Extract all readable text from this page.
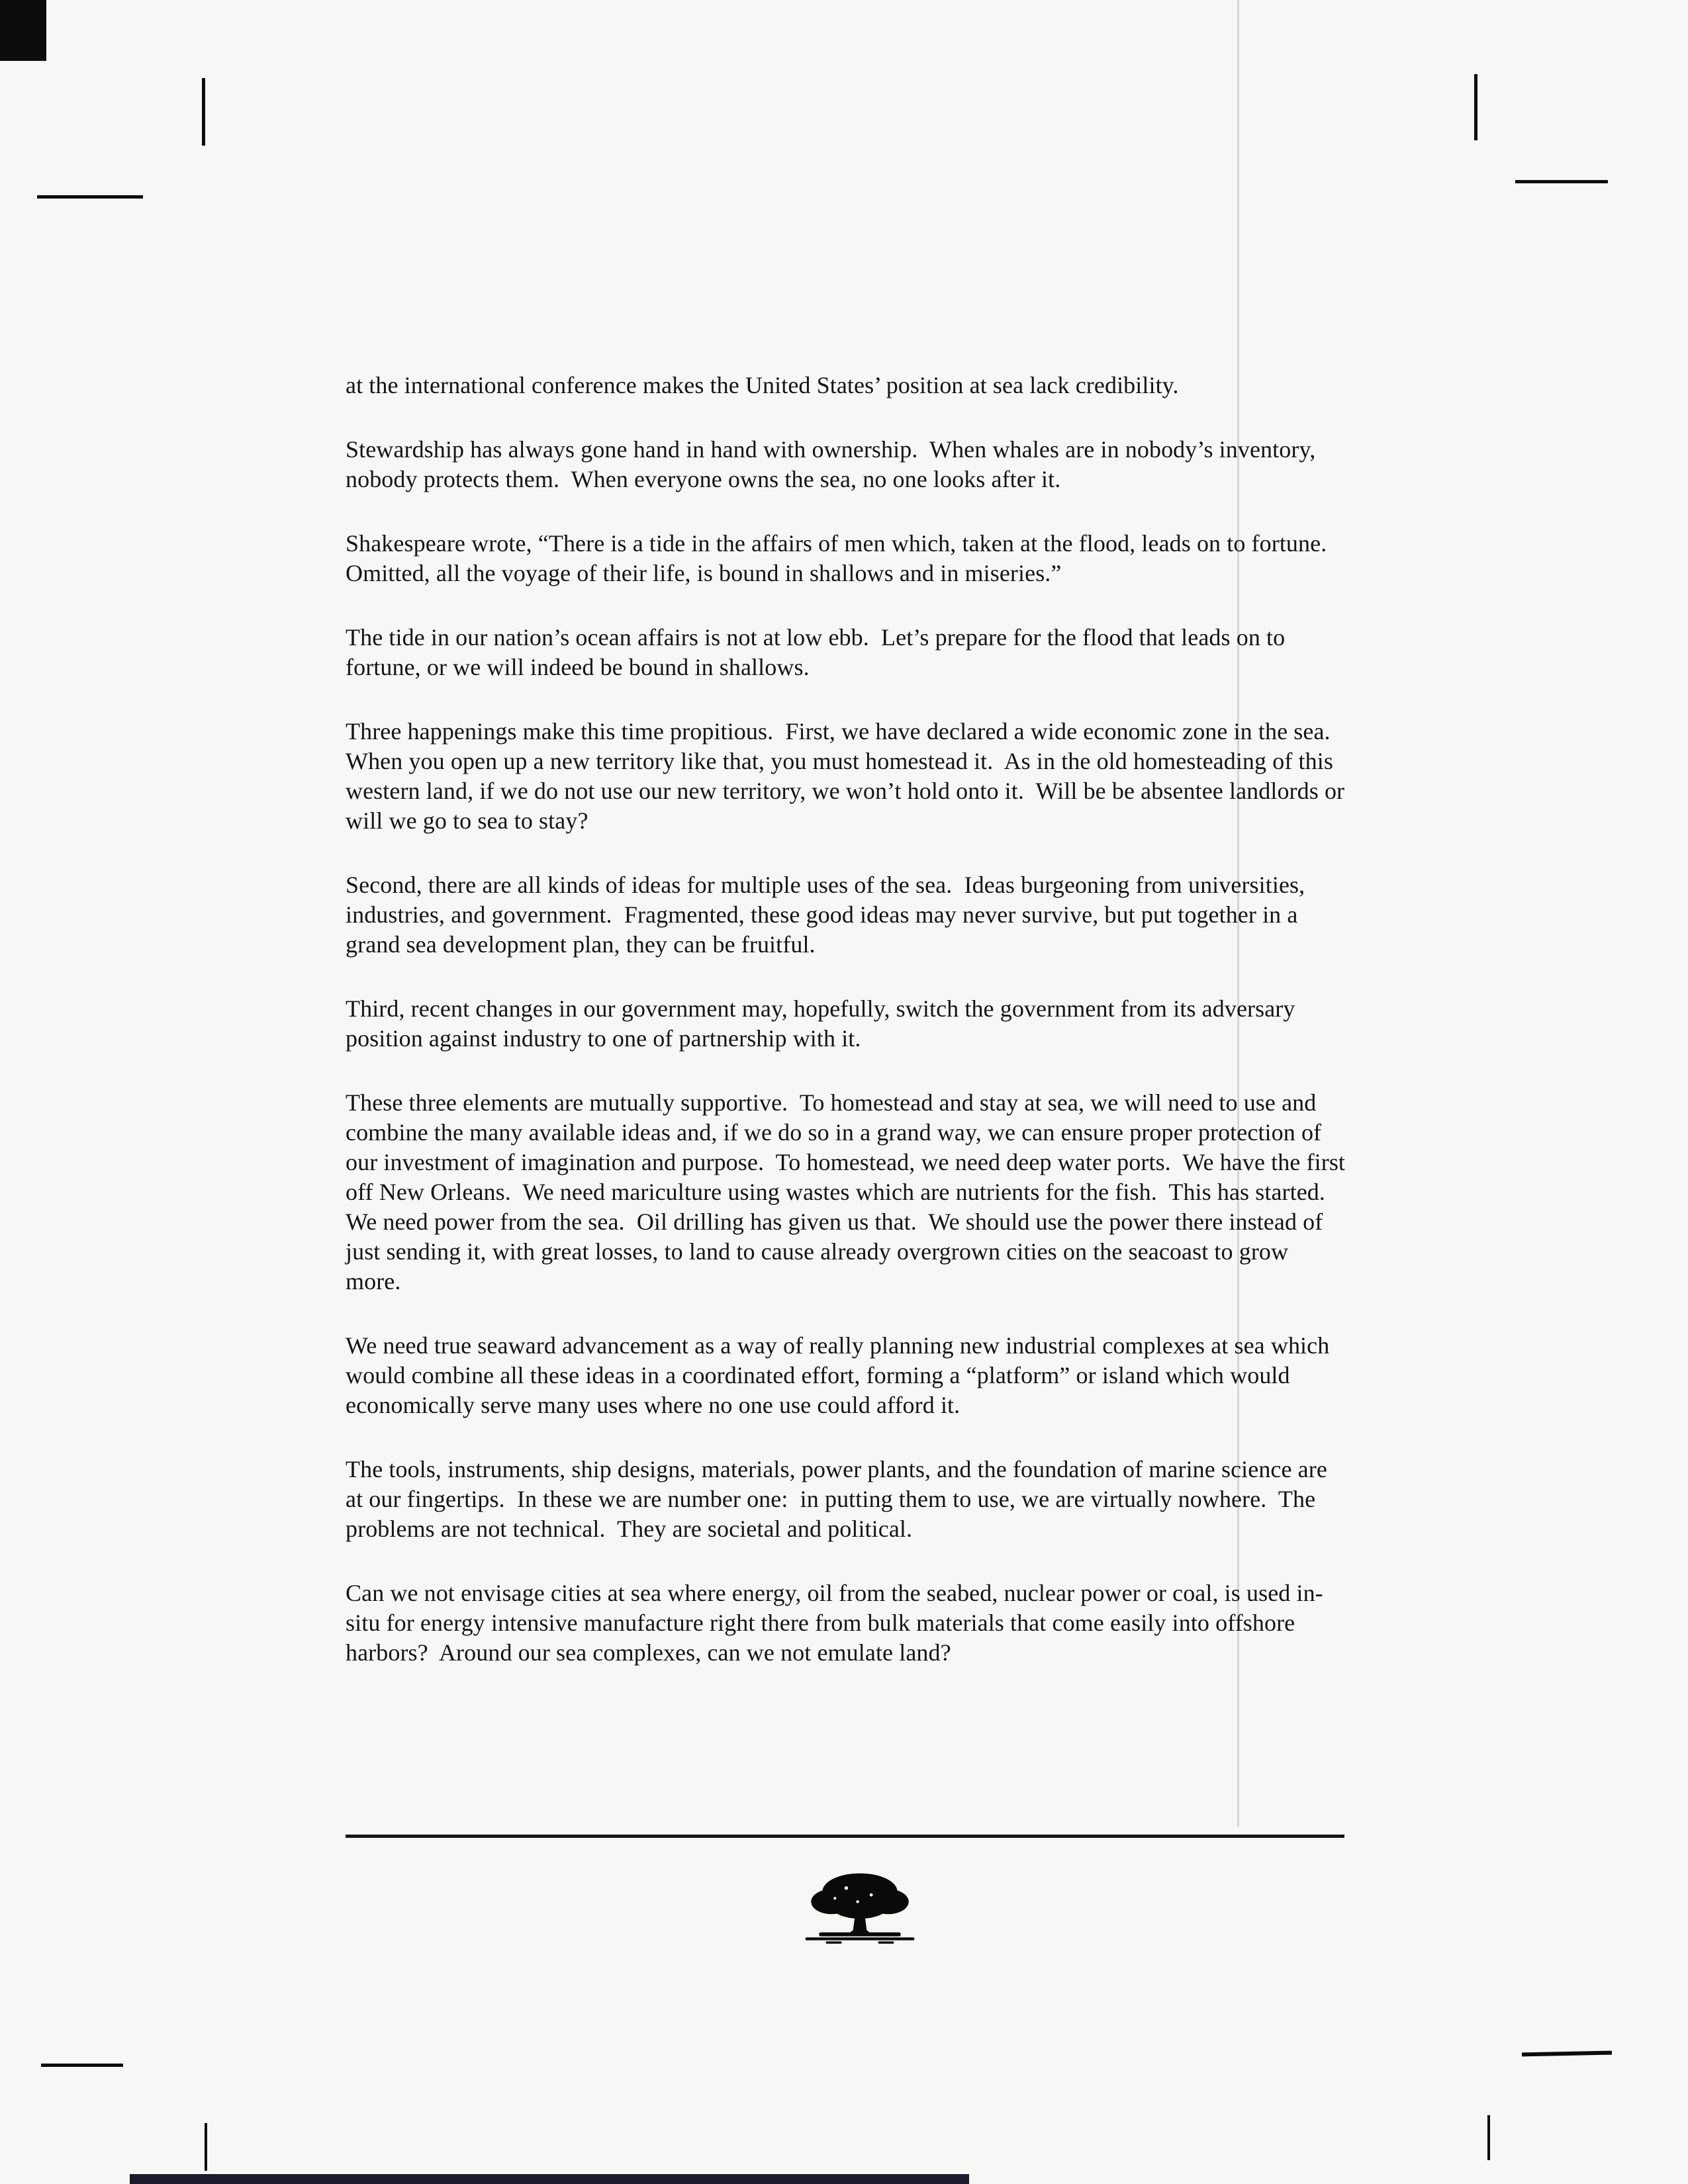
at the international conference makes the United States’ position at sea lack credibility.

Stewardship has always gone hand in hand with ownership.  When whales are in nobody’s inventory, nobody protects them.  When everyone owns the sea, no one looks after it.

Shakespeare wrote, “There is a tide in the affairs of men which, taken at the flood, leads on to fortune.  Omitted, all the voyage of their life, is bound in shallows and in miseries.”

The tide in our nation’s ocean affairs is not at low ebb.  Let’s prepare for the flood that leads on to fortune, or we will indeed be bound in shallows.

Three happenings make this time propitious.  First, we have declared a wide economic zone in the sea.  When you open up a new territory like that, you must homestead it.  As in the old homesteading of this western land, if we do not use our new territory, we won’t hold onto it.  Will be be absentee landlords or will we go to sea to stay?

Second, there are all kinds of ideas for multiple uses of the sea.  Ideas burgeoning from universities, industries, and government.  Fragmented, these good ideas may never survive, but put together in a grand sea development plan, they can be fruitful.

Third, recent changes in our government may, hopefully, switch the government from its adversary position against industry to one of partnership with it.

These three elements are mutually supportive.  To homestead and stay at sea, we will need to use and combine the many available ideas and, if we do so in a grand way, we can ensure proper protection of our investment of imagination and purpose.  To homestead, we need deep water ports.  We have the first off New Orleans.  We need mariculture using wastes which are nutrients for the fish.  This has started.  We need power from the sea.  Oil drilling has given us that.  We should use the power there instead of just sending it, with great losses, to land to cause already overgrown cities on the seacoast to grow more.

We need true seaward advancement as a way of really planning new industrial complexes at sea which would combine all these ideas in a coordinated effort, forming a “platform” or island which would economically serve many uses where no one use could afford it.

The tools, instruments, ship designs, materials, power plants, and the foundation of marine science are at our fingertips.  In these we are number one:  in putting them to use, we are virtually nowhere.  The problems are not technical.  They are societal and political.

Can we not envisage cities at sea where energy, oil from the seabed, nuclear power or coal, is used in-situ for energy intensive manufacture right there from bulk materials that come easily into offshore harbors?  Around our sea complexes, can we not emulate land?
